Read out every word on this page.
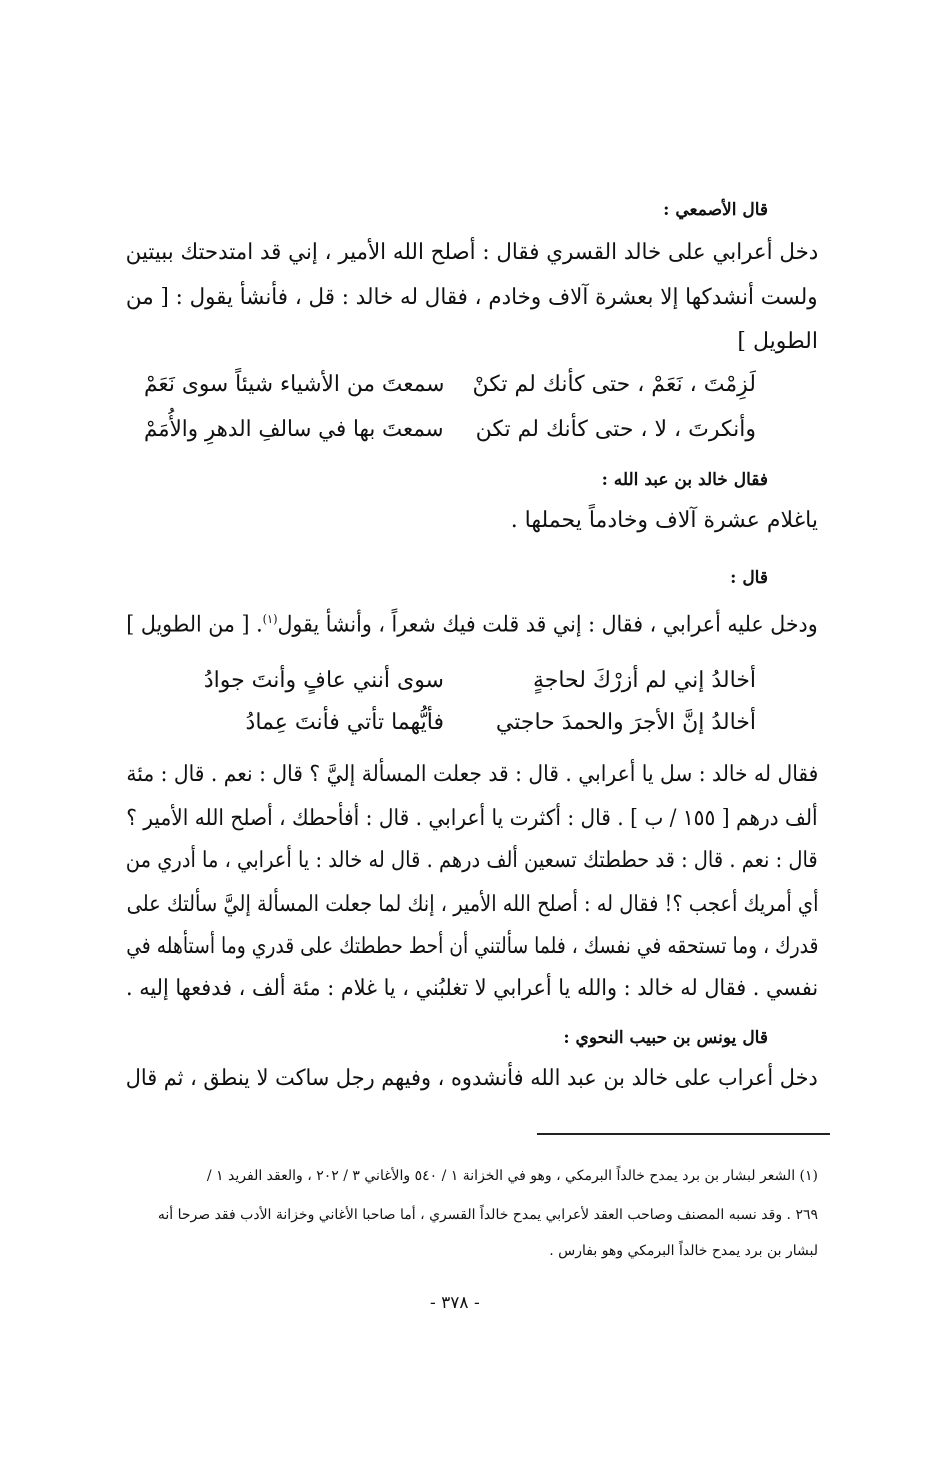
قال الأصمعي :
دخل أعرابي على خالد القسري فقال : أصلح الله الأمير ، إني قد امتدحتك ببيتين
ولست أنشدكها إلا بعشرة آلاف وخادم ، فقال له خالد : قل ، فأنشأ يقول : [ من
الطويل ]
لَزِمْتَ ، نَعَمْ ، حتى كأنك لم تكنْ
سمعتَ من الأشياء شيئاً سوى نَعَمْ
وأنكرتَ ، لا ، حتى كأنك لم تكن
سمعتَ بها في سالفِ الدهرِ والأُمَمْ
فقال خالد بن عبد الله :
ياغلام عشرة آلاف وخادماً يحملها .
قال :
ودخل عليه أعرابي ، فقال : إني قد قلت فيك شعراً ، وأنشأ يقول$^{(١)}$. [ من الطويل ]
أخالدُ إني لم أزرْكَ لحاجةٍ
سوى أنني عافٍ وأنتَ جوادُ
أخالدُ إنَّ الأجرَ والحمدَ حاجتي
فأيُّهما تأتي فأنتَ عِمادُ
فقال له خالد : سل يا أعرابي . قال : قد جعلت المسألة إليَّ ؟ قال : نعم . قال : مئة
ألف درهم [ ١٥٥ / ب ] . قال : أكثرت يا أعرابي . قال : أفأحطك ، أصلح الله الأمير ؟
قال : نعم . قال : قد حططتك تسعين ألف درهم . قال له خالد : يا أعرابي ، ما أدري من
أي أمريك أعجب ؟! فقال له : أصلح الله الأمير ، إنك لما جعلت المسألة إليَّ سألتك على
قدرك ، وما تستحقه في نفسك ، فلما سألتني أن أحط حططتك على قدري وما أستأهله في
نفسي . فقال له خالد : والله يا أعرابي لا تغلبُني ، يا غلام : مئة ألف ، فدفعها إليه .
قال يونس بن حبيب النحوي :
دخل أعراب على خالد بن عبد الله فأنشدوه ، وفيهم رجل ساكت لا ينطق ، ثم قال
(١) الشعر لبشار بن برد يمدح خالداً البرمكي ، وهو في الخزانة ١ / ٥٤٠ والأغاني ٣ / ٢٠٢ ، والعقد الفريد ١ /
٢٦٩ . وقد نسبه المصنف وصاحب العقد لأعرابي يمدح خالداً القسري ، أما صاحبا الأغاني وخزانة الأدب فقد صرحا أنه
لبشار بن برد يمدح خالداً البرمكي وهو بفارس .
- ٣٧٨ -
